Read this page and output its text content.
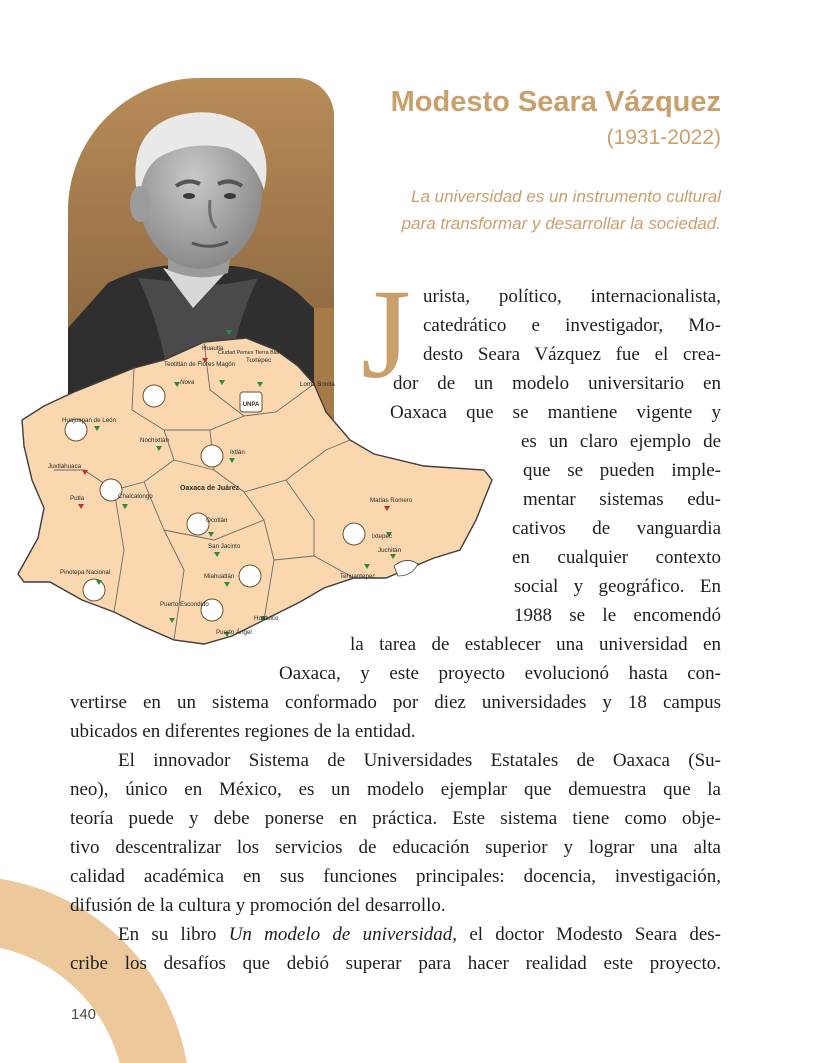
UNPA
Huautla
Teotitlán de Flores Magón
Tuxtepec
Loma Bonita
Huajuapan de León
Nochixtlán
Ixtlán
Juxtlahuaca
Chalcatongo
Oaxaca de Juárez
Putla
Ocotlán
San Jacinto
Matías Romero
Ixtepec
Juchitán
Tehuantepec
Pinotepa Nacional
Miahuatlán
Puerto Escondido
Huatulco
Puerto Ángel
Nova
Ciudad Pemex Tierra Blanca
Modesto Seara Vázquez

(1931-2022)

La universidad es un instrumento cultural
para transformar y desarrollar la sociedad.

J urista, político, internacionalista,

catedrático e investigador, Mo-

desto Seara Vázquez fue el crea-

dor de un modelo universitario en

Oaxaca que se mantiene vigente y

es un claro ejemplo de

que se pueden imple-

mentar sistemas edu-

cativos de vanguardia

en cualquier contexto

social y geográfico. En

1988 se le encomendó

la tarea de establecer una universidad en

Oaxaca, y este proyecto evolucionó hasta con-

vertirse en un sistema conformado por diez universidades y 18 campus

ubicados en diferentes regiones de la entidad.

El innovador Sistema de Universidades Estatales de Oaxaca (Su-

neo), único en México, es un modelo ejemplar que demuestra que la

teoría puede y debe ponerse en práctica. Este sistema tiene como obje-

tivo descentralizar los servicios de educación superior y lograr una alta

calidad académica en sus funciones principales: docencia, investigación,

difusión de la cultura y promoción del desarrollo.

En su libro Un modelo de universidad, el doctor Modesto Seara des-

cribe los desafíos que debió superar para hacer realidad este proyecto.

140
